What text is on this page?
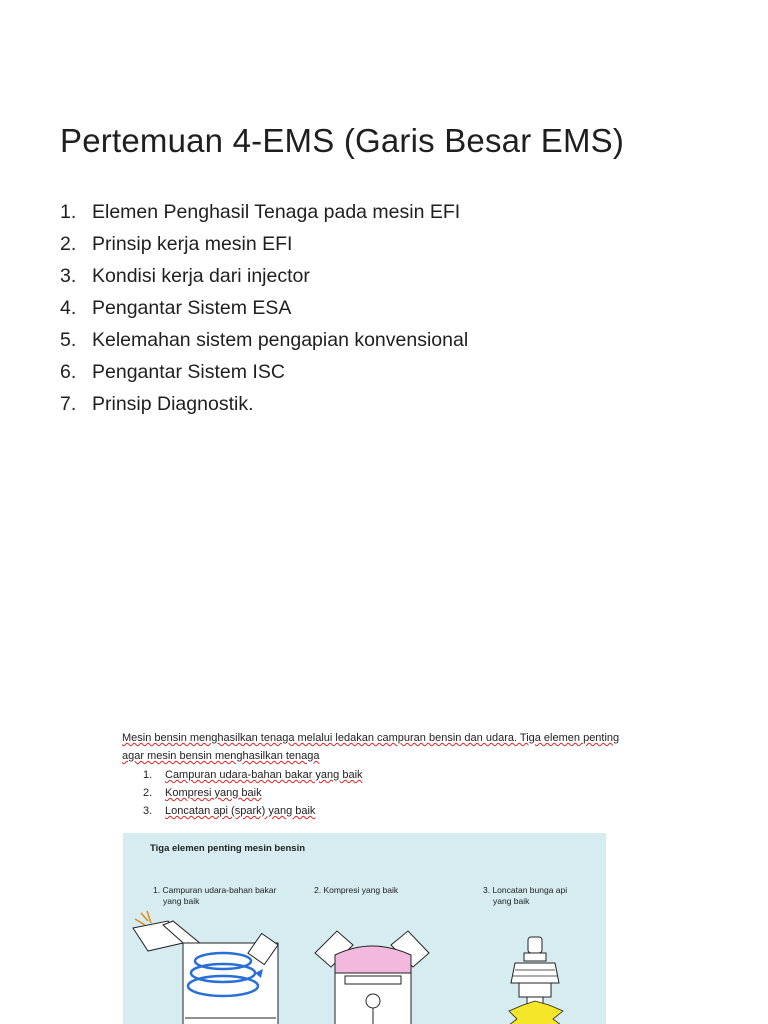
Pertemuan 4-EMS (Garis Besar EMS)
1. Elemen Penghasil Tenaga pada mesin EFI
2. Prinsip kerja mesin EFI
3. Kondisi kerja dari injector
4. Pengantar Sistem ESA
5. Kelemahan sistem pengapian konvensional
6. Pengantar Sistem ISC
7. Prinsip Diagnostik.
Mesin bensin menghasilkan tenaga melalui ledakan campuran bensin dan udara. Tiga elemen penting
agar mesin bensin menghasilkan tenaga
1.	Campuran udara-bahan bakar yang baik
2.	Kompresi yang baik
3.	Loncatan api (spark) yang baik
Tiga elemen penting mesin bensin
1. Campuran udara-bahan bakar
yang baik
2. Kompresi yang baik	3. Loncatan bunga api
yang baik
